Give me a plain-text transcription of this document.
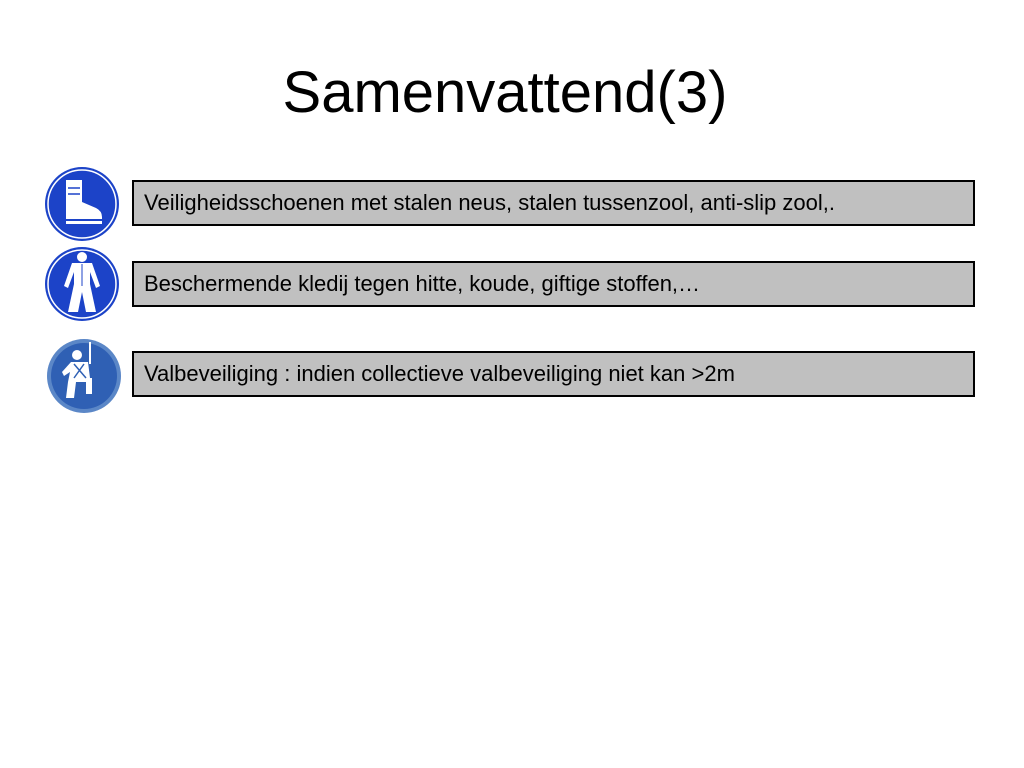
Samenvattend(3)
Veiligheidsschoenen met stalen neus, stalen tussenzool, anti-slip zool,.
Beschermende kledij tegen hitte, koude, giftige stoffen,…
Valbeveiliging : indien collectieve valbeveiliging niet kan >2m
